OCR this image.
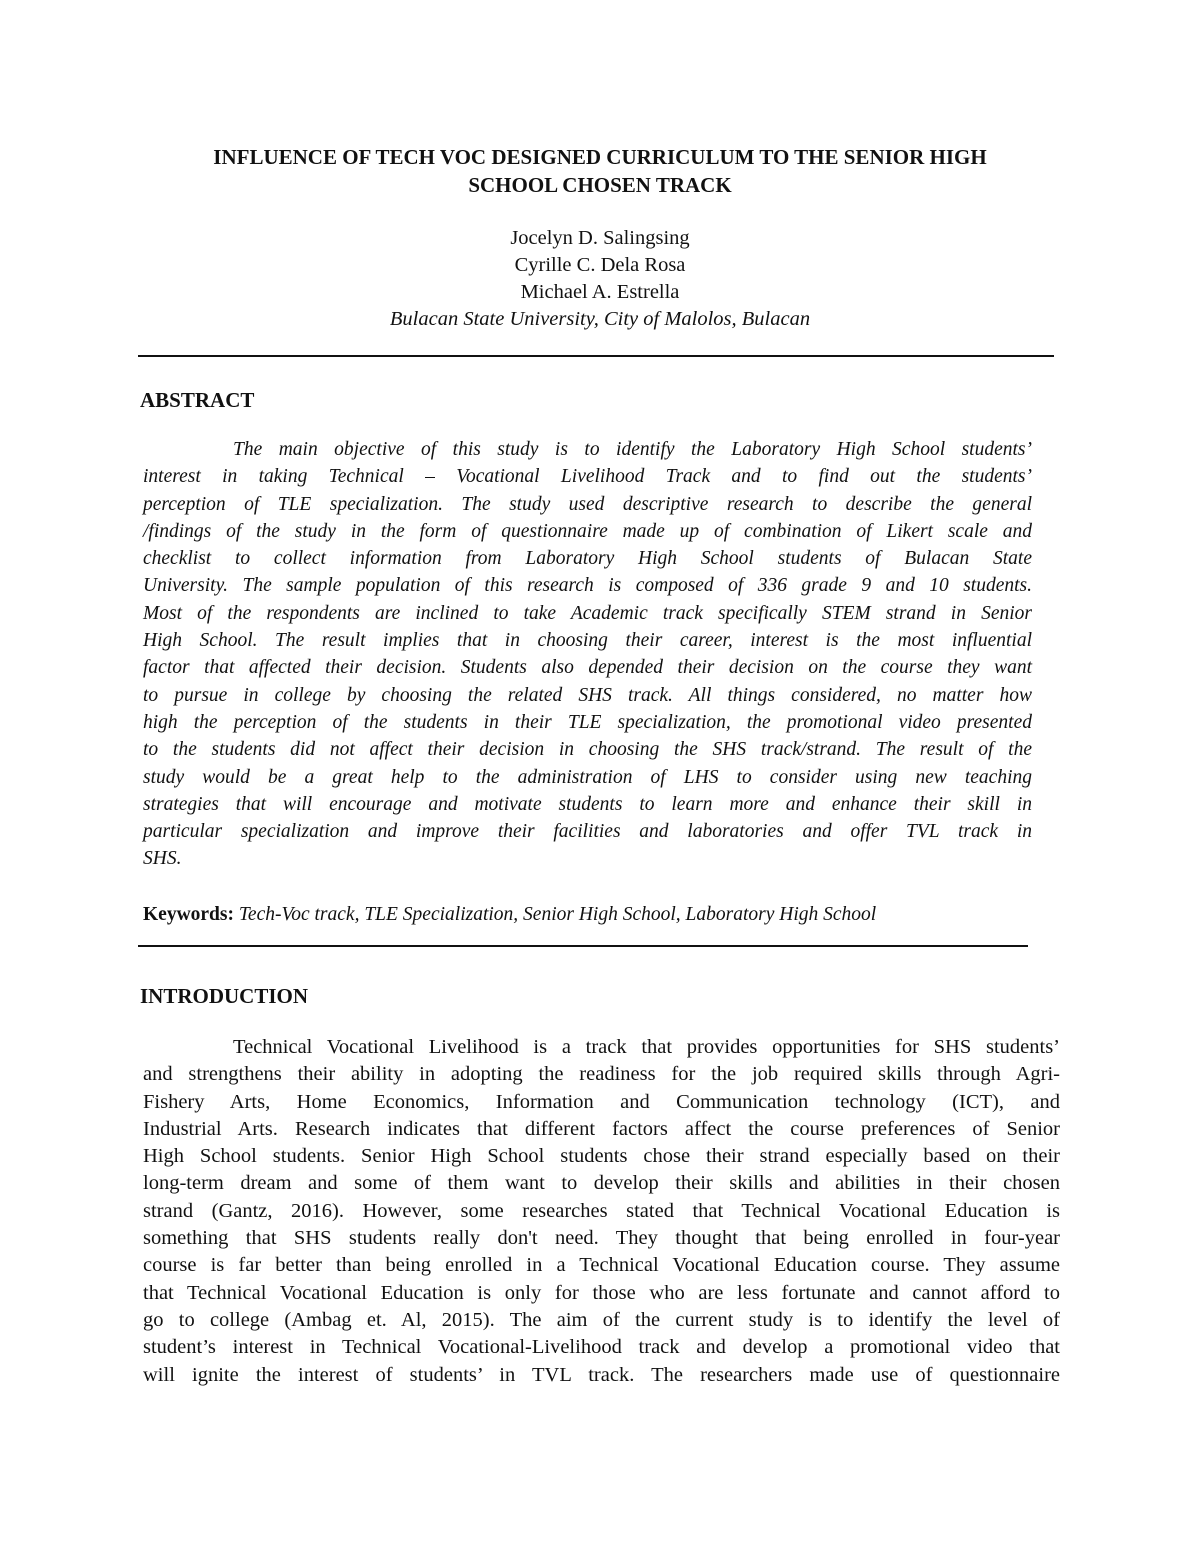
INFLUENCE OF TECH VOC DESIGNED CURRICULUM TO THE SENIOR HIGH
SCHOOL CHOSEN TRACK
Jocelyn D. Salingsing
Cyrille C. Dela Rosa
Michael A. Estrella
Bulacan State University, City of Malolos, Bulacan
ABSTRACT
The main objective of this study is to identify the Laboratory High School students’
interest in taking Technical – Vocational Livelihood Track and to find out the students’
perception of TLE specialization. The study used descriptive research to describe the general
/findings of the study in the form of questionnaire made up of combination of Likert scale and
checklist to collect information from Laboratory High School students of Bulacan State
University. The sample population of this research is composed of 336 grade 9 and 10 students.
Most of the respondents are inclined to take Academic track specifically STEM strand in Senior
High School. The result implies that in choosing their career, interest is the most influential
factor that affected their decision. Students also depended their decision on the course they want
to pursue in college by choosing the related SHS track. All things considered, no matter how
high the perception of the students in their TLE specialization, the promotional video presented
to the students did not affect their decision in choosing the SHS track/strand. The result of the
study would be a great help to the administration of LHS to consider using new teaching
strategies that will encourage and motivate students to learn more and enhance their skill in
particular specialization and improve their facilities and laboratories and offer TVL track in
SHS.
Keywords: Tech-Voc track, TLE Specialization, Senior High School, Laboratory High School
INTRODUCTION
Technical Vocational Livelihood is a track that provides opportunities for SHS students’
and strengthens their ability in adopting the readiness for the job required skills through Agri-
Fishery Arts, Home Economics, Information and Communication technology (ICT), and
Industrial Arts. Research indicates that different factors affect the course preferences of Senior
High School students. Senior High School students chose their strand especially based on their
long-term dream and some of them want to develop their skills and abilities in their chosen
strand (Gantz, 2016). However, some researches stated that Technical Vocational Education is
something that SHS students really don't need. They thought that being enrolled in four-year
course is far better than being enrolled in a Technical Vocational Education course. They assume
that Technical Vocational Education is only for those who are less fortunate and cannot afford to
go to college (Ambag et. Al, 2015). The aim of the current study is to identify the level of
student’s interest in Technical Vocational-Livelihood track and develop a promotional video that
will ignite the interest of students’ in TVL track. The researchers made use of questionnaire
